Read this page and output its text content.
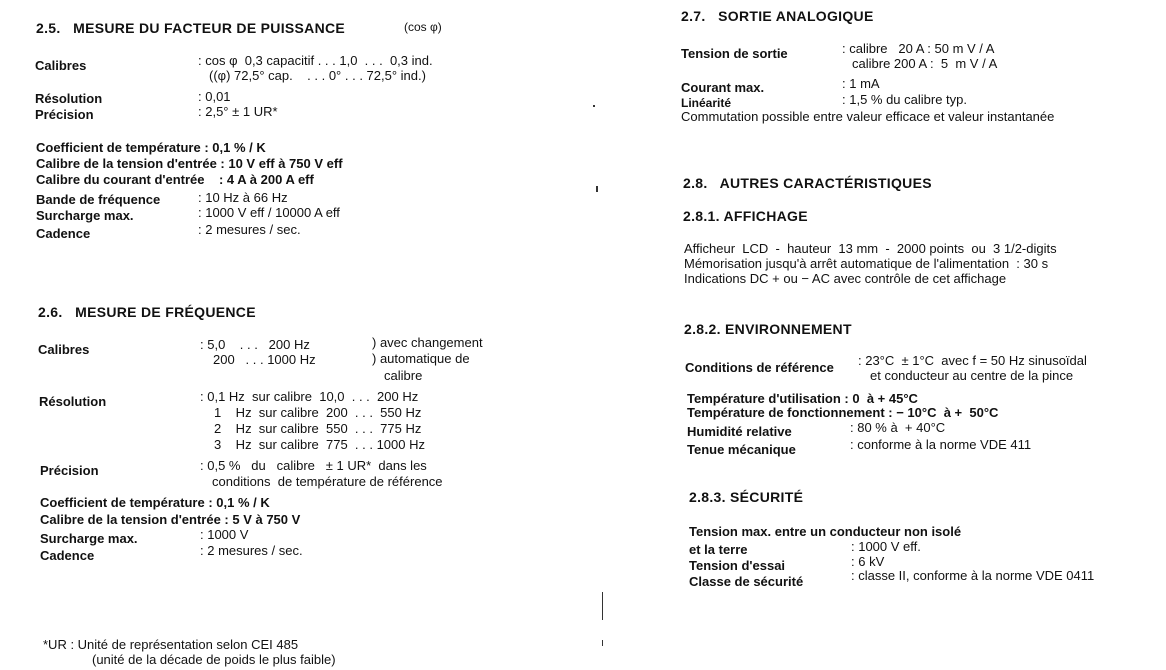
2.5.   MESURE DU FACTEUR DE PUISSANCE	(cos φ)
Calibres	: cos φ  0,3 capacitif . . . 1,0  . . .  0,3 ind.
((φ) 72,5° cap.    . . . 0° . . . 72,5° ind.)
Résolution	: 0,01
Précision	: 2,5° ± 1 UR*
Coefficient de température : 0,1 % / K
Calibre de la tension d'entrée : 10 V eff à 750 V eff
Calibre du courant d'entrée    : 4 A à 200 A eff
Bande de fréquence	: 10 Hz à 66 Hz
Surcharge max.	: 1000 V eff / 10000 A eff
Cadence	: 2 mesures / sec.
2.6.   MESURE DE FRÉQUENCE
Calibres	: 5,0    . . .   200 Hz
200   . . . 1000 Hz
) avec changement
) automatique de
calibre
Résolution	: 0,1 Hz  sur calibre  10,0  . . .  200 Hz
1    Hz  sur calibre  200  . . .  550 Hz
2    Hz  sur calibre  550  . . .  775 Hz
3    Hz  sur calibre  775  . . . 1000 Hz
Précision	: 0,5 %   du   calibre   ± 1 UR*  dans les
conditions  de température de référence
Coefficient de température : 0,1 % / K
Calibre de la tension d'entrée : 5 V à 750 V
Surcharge max.	: 1000 V
Cadence	: 2 mesures / sec.
*UR : Unité de représentation selon CEI 485
(unité de la décade de poids le plus faible)
2.7.   SORTIE ANALOGIQUE
Tension de sortie	: calibre   20 A : 50 m V / A
calibre 200 A :  5  m V / A
Courant max.	: 1 mA
Linéarité	: 1,5 % du calibre typ.
Commutation possible entre valeur efficace et valeur instantanée
2.8.   AUTRES CARACTÉRISTIQUES
2.8.1. AFFICHAGE
Afficheur  LCD  -  hauteur  13 mm  -  2000 points  ou  3 1/2-digits
Mémorisation jusqu'à arrêt automatique de l'alimentation  : 30 s
Indications DC + ou − AC avec contrôle de cet affichage
2.8.2. ENVIRONNEMENT
Conditions de référence : 23°C  ± 1°C  avec f = 50 Hz sinusoïdal
et conducteur au centre de la pince
Température d'utilisation : 0  à + 45°C
Température de fonctionnement : − 10°C  à +  50°C
Humidité relative	: 80 % à  + 40°C
Tenue mécanique	: conforme à la norme VDE 411
2.8.3. SÉCURITÉ
Tension max. entre un conducteur non isolé
et la terre	: 1000 V eff.
Tension d'essai	: 6 kV
Classe de sécurité	: classe II, conforme à la norme VDE 0411
